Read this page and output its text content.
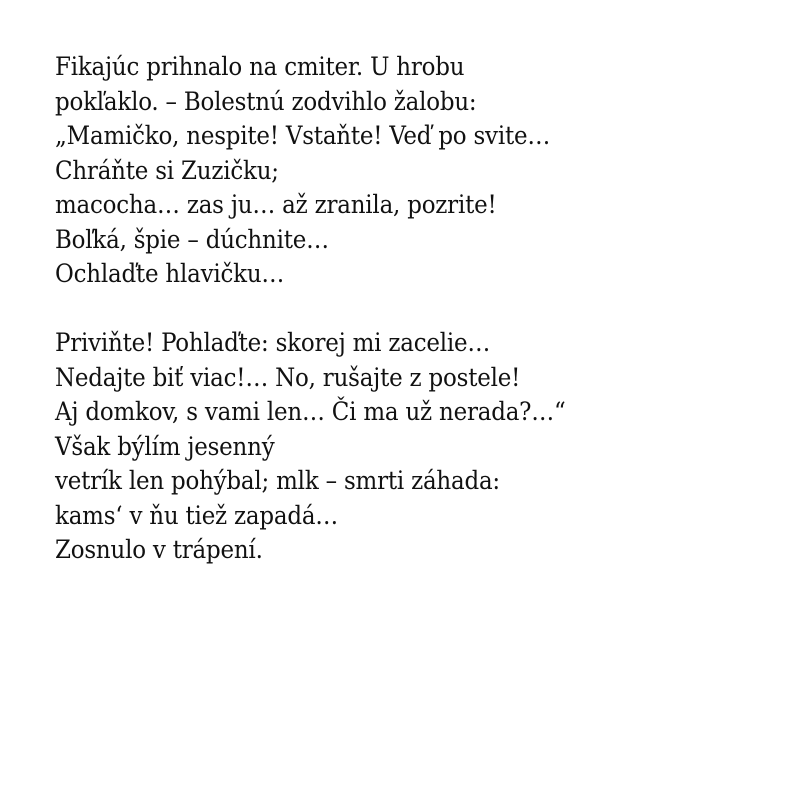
Fikajúc prihnalo na cmiter. U hrobu
pokľaklo. – Bolestnú zodvihlo žalobu:
„Mamičko, nespite! Vstaňte! Veď po svite…
Chráňte si Zuzičku;
macocha… zas ju… až zranila, pozrite!
Boľká, špie – dúchnite…
Ochlaďte hlavičku…
Priviňte! Pohlaďte: skorej mi zacelie…
Nedajte biť viac!… No, rušajte z postele!
Aj domkov, s vami len… Či ma už nerada?…“
Však býlím jesenný
vetrík len pohýbal; mlk – smrti záhada:
kams‘ v ňu tiež zapadá…
Zosnulo v trápení.
